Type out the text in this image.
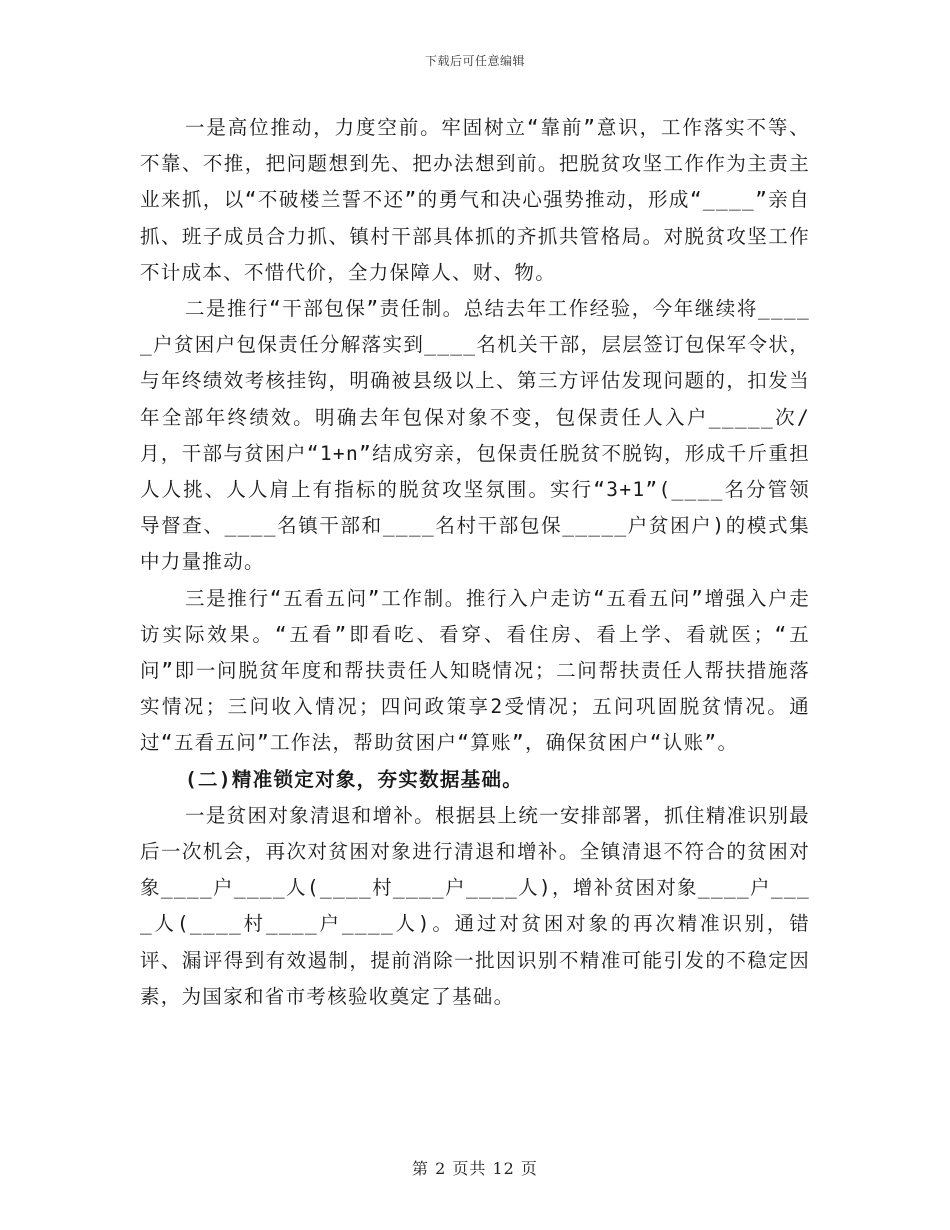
下载后可任意编辑

一是高位推动，力度空前。牢固树立“靠前”意识，工作落实不等、不靠、不推，把问题想到先、把办法想到前。把脱贫攻坚工作作为主责主业来抓，以“不破楼兰誓不还”的勇气和决心强势推动，形成“____”亲自抓、班子成员合力抓、镇村干部具体抓的齐抓共管格局。对脱贫攻坚工作不计成本、不惜代价，全力保障人、财、物。

二是推行“干部包保”责任制。总结去年工作经验，今年继续将_____户贫困户包保责任分解落实到____名机关干部，层层签订包保军令状，与年终绩效考核挂钩，明确被县级以上、第三方评估发现问题的，扣发当年全部年终绩效。明确去年包保对象不变，包保责任人入户_____次/月，干部与贫困户“1+n”结成穷亲，包保责任脱贫不脱钩，形成千斤重担人人挑、人人肩上有指标的脱贫攻坚氛围。实行“3+1”(____名分管领导督查、____名镇干部和____名村干部包保_____户贫困户)的模式集中力量推动。

三是推行“五看五问”工作制。推行入户走访“五看五问”增强入户走访实际效果。“五看”即看吃、看穿、看住房、看上学、看就医；“五问”即一问脱贫年度和帮扶责任人知晓情况；二问帮扶责任人帮扶措施落实情况；三问收入情况；四问政策享2受情况；五问巩固脱贫情况。通过“五看五问”工作法，帮助贫困户“算账”，确保贫困户“认账”。

(二)精准锁定对象，夯实数据基础。

一是贫困对象清退和增补。根据县上统一安排部署，抓住精准识别最后一次机会，再次对贫困对象进行清退和增补。全镇清退不符合的贫困对象____户____人(____村____户____人)，增补贫困对象____户____人(____村____户____人)。通过对贫困对象的再次精准识别，错评、漏评得到有效遏制，提前消除一批因识别不精准可能引发的不稳定因素，为国家和省市考核验收奠定了基础。

第 2 页共 12 页
